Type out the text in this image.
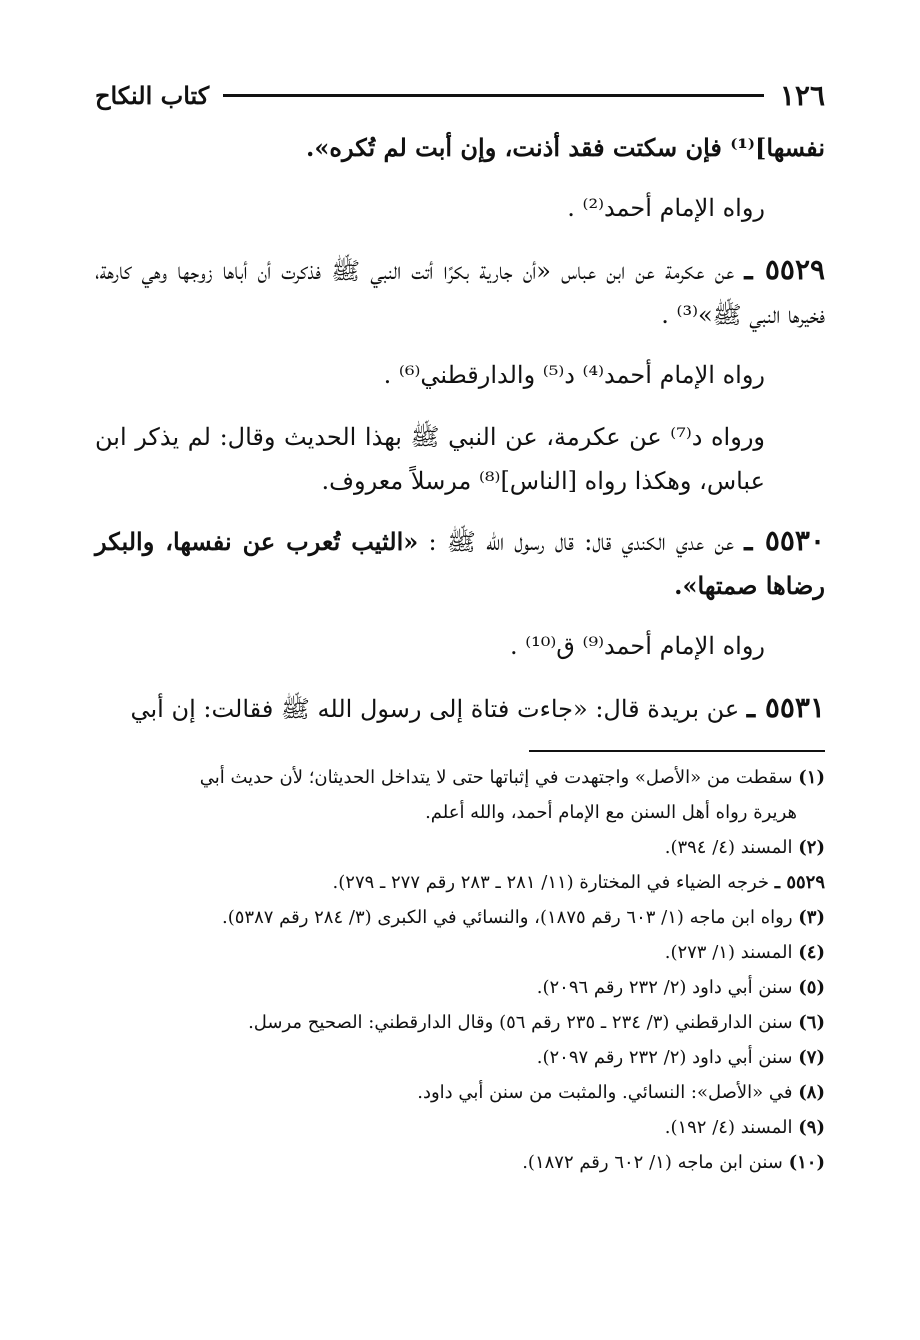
١٢٦
كتاب النكاح

نفسها]⁽¹⁾ فإن سكتت فقد أذنت، وإن أبت لم تُكره».

رواه الإمام أحمد⁽²⁾ .

٥٥٢٩ ـ عن عكرمة عن ابن عباس «أن جارية بكرًا أتت النبي ﷺ فذكرت أن أباها زوجها وهي كارهة، فخيرها النبي ﷺ»⁽³⁾ .

رواه الإمام أحمد⁽⁴⁾ د⁽⁵⁾ والدارقطني⁽⁶⁾ .

ورواه د⁽⁷⁾ عن عكرمة، عن النبي ﷺ بهذا الحديث وقال: لم يذكر ابن عباس، وهكذا رواه [الناس]⁽⁸⁾ مرسلاً معروف.

٥٥٣٠ ـ عن عدي الكندي قال: قال رسول الله ﷺ : «الثيب تُعرب عن نفسها، والبكر رضاها صمتها».

رواه الإمام أحمد⁽⁹⁾ ق⁽¹⁰⁾ .

٥٥٣١ ـ عن بريدة قال: «جاءت فتاة إلى رسول الله ﷺ فقالت: إن أبي

(١) سقطت من «الأصل» واجتهدت في إثباتها حتى لا يتداخل الحديثان؛ لأن حديث أبي

هريرة رواه أهل السنن مع الإمام أحمد، والله أعلم.

(٢) المسند (٤/ ٣٩٤).

٥٥٢٩ ـ خرجه الضياء في المختارة (١١/ ٢٨١ ـ ٢٨٣ رقم ٢٧٧ ـ ٢٧٩).

(٣) رواه ابن ماجه (١/ ٦٠٣ رقم ١٨٧٥)، والنسائي في الكبرى (٣/ ٢٨٤ رقم ٥٣٨٧).

(٤) المسند (١/ ٢٧٣).

(٥) سنن أبي داود (٢/ ٢٣٢ رقم ٢٠٩٦).

(٦) سنن الدارقطني (٣/ ٢٣٤ ـ ٢٣٥ رقم ٥٦) وقال الدارقطني: الصحيح مرسل.

(٧) سنن أبي داود (٢/ ٢٣٢ رقم ٢٠٩٧).

(٨) في «الأصل»: النسائي. والمثبت من سنن أبي داود.

(٩) المسند (٤/ ١٩٢).

(١٠) سنن ابن ماجه (١/ ٦٠٢ رقم ١٨٧٢).
